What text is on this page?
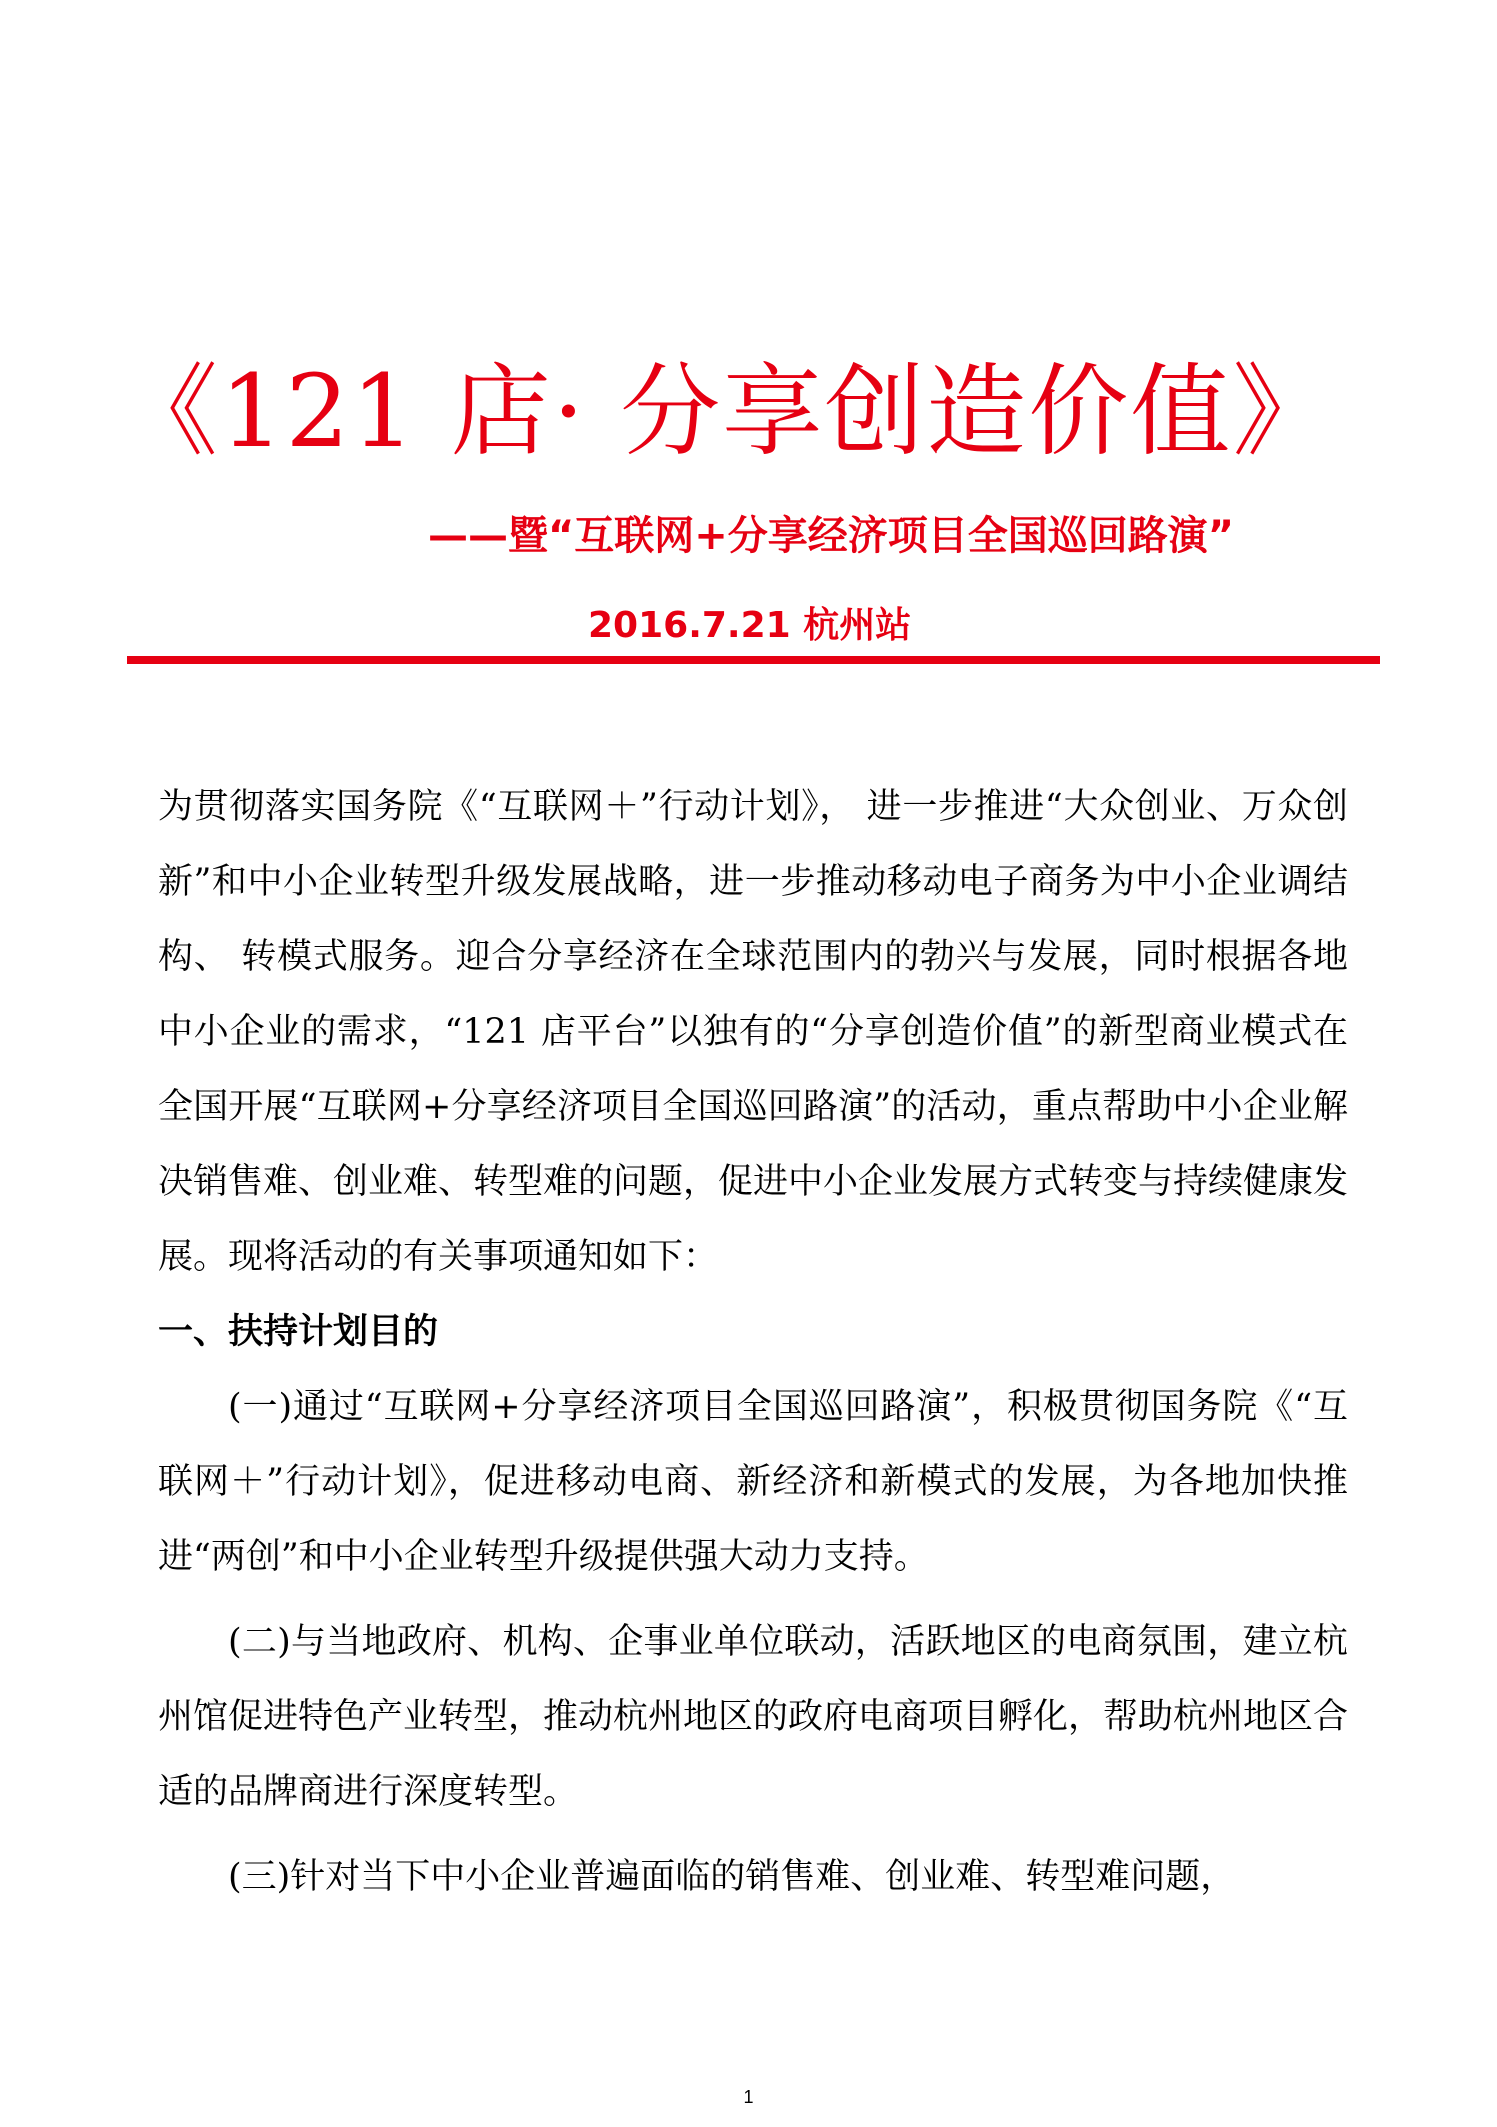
《121 店· 分享创造价值》
——暨“互联网+分享经济项目全国巡回路演”
2016.7.21 杭州站

为贯彻落实国务院《“互联网＋”行动计划》， 进一步推进“大众创业、万众创新”和中小企业转型升级发展战略，进一步推动移动电子商务为中小企业调结构、 转模式服务。迎合分享经济在全球范围内的勃兴与发展，同时根据各地中小企业的需求，“121 店平台”以独有的“分享创造价值”的新型商业模式在全国开展“互联网+分享经济项目全国巡回路演”的活动，重点帮助中小企业解决销售难、创业难、转型难的问题，促进中小企业发展方式转变与持续健康发展。现将活动的有关事项通知如下：

一、扶持计划目的

(一)通过“互联网+分享经济项目全国巡回路演”，积极贯彻国务院《“互联网＋”行动计划》，促进移动电商、新经济和新模式的发展，为各地加快推进“两创”和中小企业转型升级提供强大动力支持。

(二)与当地政府、机构、企事业单位联动，活跃地区的电商氛围，建立杭州馆促进特色产业转型，推动杭州地区的政府电商项目孵化，帮助杭州地区合适的品牌商进行深度转型。

(三)针对当下中小企业普遍面临的销售难、创业难、转型难问题，

1
